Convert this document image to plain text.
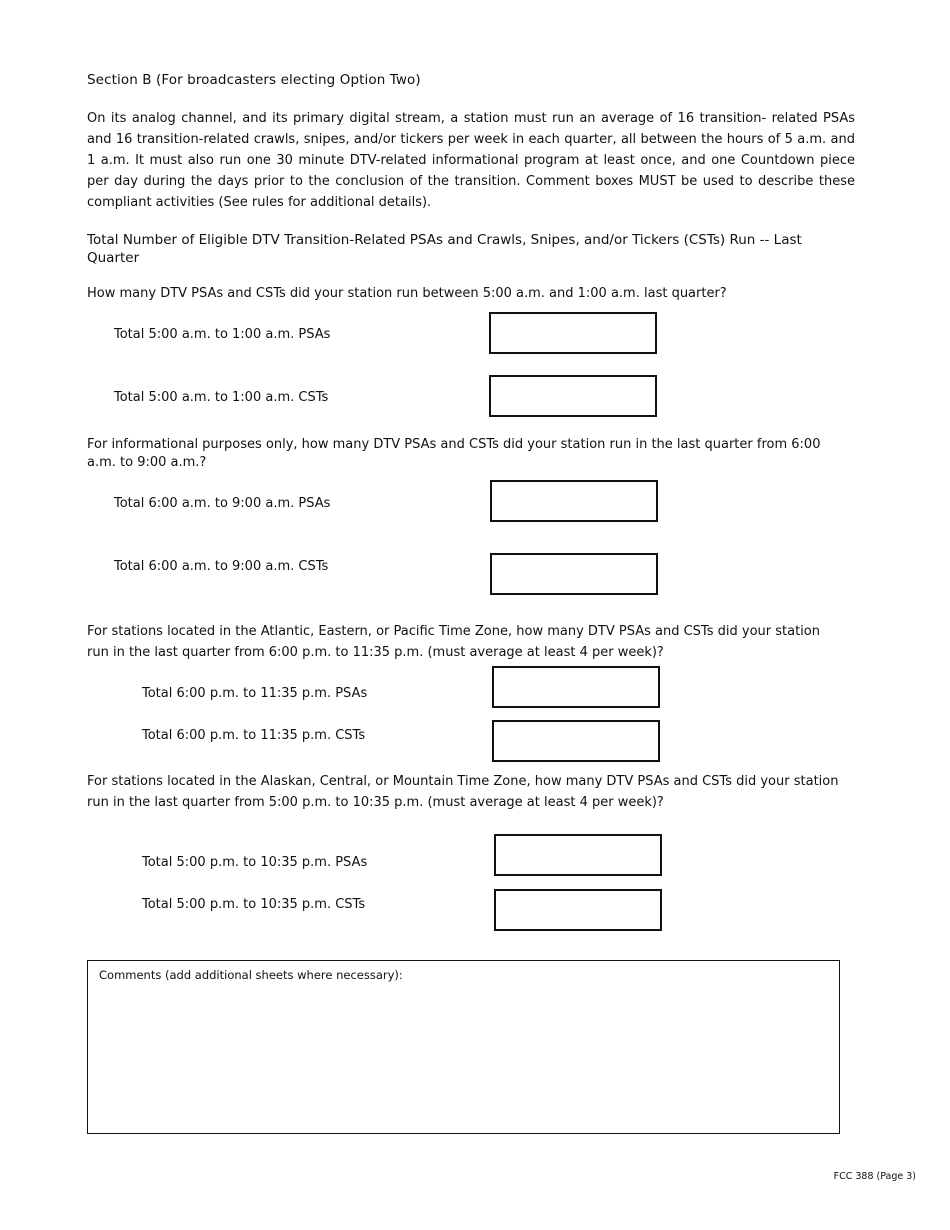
Section B (For broadcasters electing Option Two)

On its analog channel, and its primary digital stream, a station must run an average of 16 transition- related PSAs and 16 transition-related crawls, snipes, and/or tickers per week in each quarter, all between the hours of 5 a.m. and 1 a.m. It must also run one 30 minute DTV-related informational program at least once, and one Countdown piece per day during the days prior to the conclusion of the transition. Comment boxes MUST be used to describe these compliant activities (See rules for additional details).

Total Number of Eligible DTV Transition-Related PSAs and Crawls, Snipes, and/or Tickers (CSTs) Run -- Last Quarter
How many DTV PSAs and CSTs did your station run between 5:00 a.m. and 1:00 a.m. last quarter?
Total 5:00 a.m. to 1:00 a.m. PSAs
Total 5:00 a.m. to 1:00 a.m. CSTs
For informational purposes only, how many DTV PSAs and CSTs did your station run in the last quarter from 6:00 a.m. to 9:00 a.m.?
Total 6:00 a.m. to 9:00 a.m. PSAs
Total 6:00 a.m. to 9:00 a.m. CSTs
For stations located in the Atlantic, Eastern, or Pacific Time Zone, how many DTV PSAs and CSTs did your station run in the last quarter from 6:00 p.m. to 11:35 p.m. (must average at least 4 per week)?
Total 6:00 p.m. to 11:35 p.m. PSAs
Total 6:00 p.m. to 11:35 p.m. CSTs
For stations located in the Alaskan, Central, or Mountain Time Zone, how many DTV PSAs and CSTs did your station run in the last quarter from 5:00 p.m. to 10:35 p.m. (must average at least 4 per week)?
Total 5:00 p.m. to 10:35 p.m. PSAs
Total 5:00 p.m. to 10:35 p.m. CSTs
Comments (add additional sheets where necessary):
FCC 388 (Page 3)
